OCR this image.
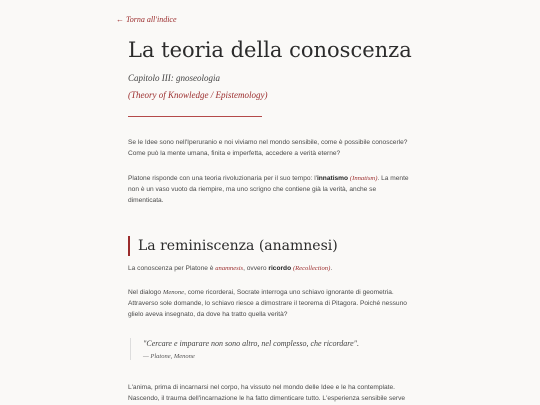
← Torna all'indice
La teoria della conoscenza
Capitolo III: gnoseologia
(Theory of Knowledge / Epistemology)

Se le Idee sono nell'Iperuranio e noi viviamo nel mondo sensibile, come è possibile conoscerle? Come può la mente umana, finita e imperfetta, accedere a verità eterne?

Platone risponde con una teoria rivoluzionaria per il suo tempo: l'innatismo (Innatism). La mente non è un vaso vuoto da riempire, ma uno scrigno che contiene già la verità, anche se dimenticata.

La reminiscenza (anamnesi)

La conoscenza per Platone è anamnesis, ovvero ricordo (Recollection).

Nel dialogo Menone, come ricorderai, Socrate interroga uno schiavo ignorante di geometria. Attraverso sole domande, lo schiavo riesce a dimostrare il teorema di Pitagora. Poiché nessuno glielo aveva insegnato, da dove ha tratto quella verità?

"Cercare e imparare non sono altro, nel complesso, che ricordare".
— Platone, Menone

L'anima, prima di incarnarsi nel corpo, ha vissuto nel mondo delle Idee e le ha contemplate. Nascendo, il trauma dell'incarnazione le ha fatto dimenticare tutto. L'esperienza sensibile serve
